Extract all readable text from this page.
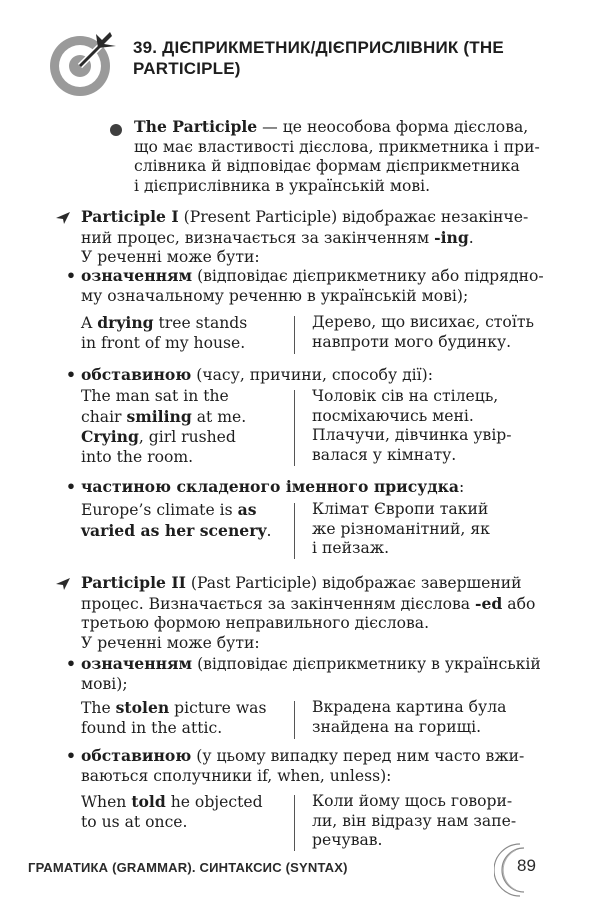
39. ДІЄПРИКМЕТНИК/ДІЄПРИСЛІВНИК (THE
PARTICIPLE)
The Participle — це неособова форма дієслова,
що має властивості дієслова, прикметника і при-
слівника й відповідає формам дієприкметника
і дієприслівника в українській мові.
Participle I (Present Participle) відображає незакінчe-
ний процес, визначається за закінченням -ing.
У реченні може бути:
• означенням (відповідає дієприкметнику або підрядно-
му означальному реченню в українській мові);
A drying tree stands
in front of my house.
Дерево, що висихає, стоїть
навпроти мого будинку.
• обставиною (часу, причини, способу дії):
The man sat in the
chair smiling at me.
Crying, girl rushed
into the room.
Чоловік сів на стілець,
посміхаючись мені.
Плачучи, дівчинка увір-
валася у кімнату.
• частиною складеного іменного присудка:
Europe’s climate is as
varied as her scenery.
Клімат Європи такий
же різноманітний, як
і пейзаж.
Participle II (Past Participle) відображає завершений
процес. Визначається за закінченням дієслова -ed або
третьою формою неправильного дієслова.
У реченні може бути:
• означенням (відповідає дієприкметнику в українській
мові);
The stolen picture was
found in the attic.
Вкрадена картина була
знайдена на горищі.
• обставиною (у цьому випадку перед ним часто вжи-
ваються сполучники if, when, unless):
When told he objected
to us at once.
Коли йому щось говори-
ли, він відразу нам запе-
речував.
ГРАМАТИКА (GRAMMAR). СИНТАКСИС (SYNTAX)	89
